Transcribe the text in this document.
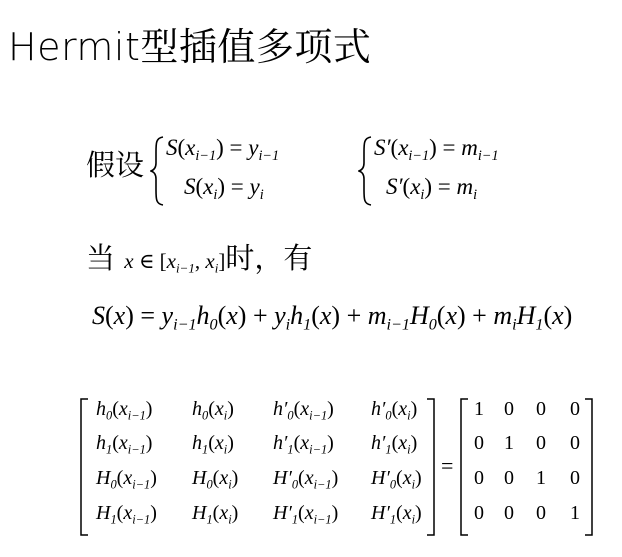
Hermit型插值多项式
假设
$S(x_{i-1}) = y_{i-1}$
$S(x_i) = y_i$
$S'(x_{i-1}) = m_{i-1}$
$S'(x_i) = m_i$
当 x ∈ [$x_{i-1}$, $x_i$]时，有
$S(x) = y_{i-1}h_0(x) + y_ih_1(x) + m_{i-1}H_0(x) + m_iH_1(x)$
$h_0(x_{i-1})$ $h_0(x_i)$ $h'_0(x_{i-1})$ $h'_0(x_i)$
$h_1(x_{i-1})$ $h_1(x_i)$ $h'_1(x_{i-1})$ $h'_1(x_i)$
$H_0(x_{i-1})$ $H_0(x_i)$ $H'_0(x_{i-1})$ $H'_0(x_i)$
$H_1(x_{i-1})$ $H_1(x_i)$ $H'_1(x_{i-1})$ $H'_1(x_i)$
=
1 0 0 0
0 1 0 0
0 0 1 0
0 0 0 1
